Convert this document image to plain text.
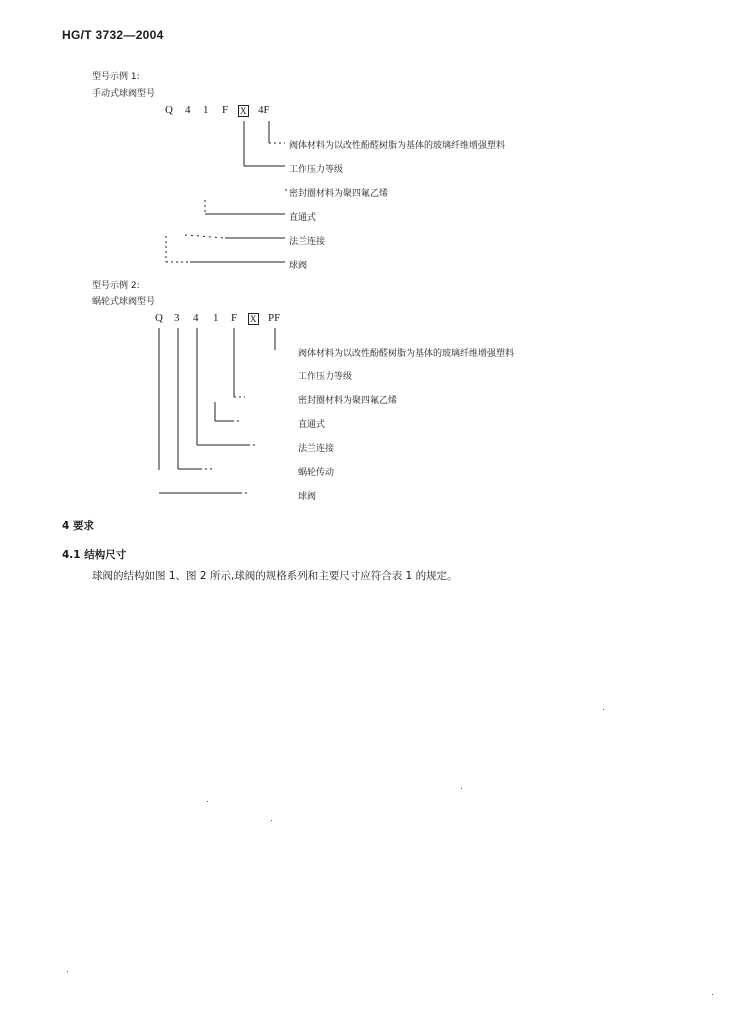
HG/T 3732—2004
型号示例 1:
手动式球阀型号
Q 4 1 F X 4F
阀体材料为以改性酚醛树脂为基体的玻璃纤维增强塑料
工作压力等级
密封圈材料为聚四氟乙烯
直通式
法兰连接
球阀
型号示例 2:
蜗轮式球阀型号
Q 3 4 1 F X PF
阀体材料为以改性酚醛树脂为基体的玻璃纤维增强塑料
工作压力等级
密封圈材料为聚四氟乙烯
直通式
法兰连接
蜗轮传动
球阀
4 要求
4.1 结构尺寸
球阀的结构如图 1、图 2 所示,球阀的规格系列和主要尺寸应符合表 1 的规定。
